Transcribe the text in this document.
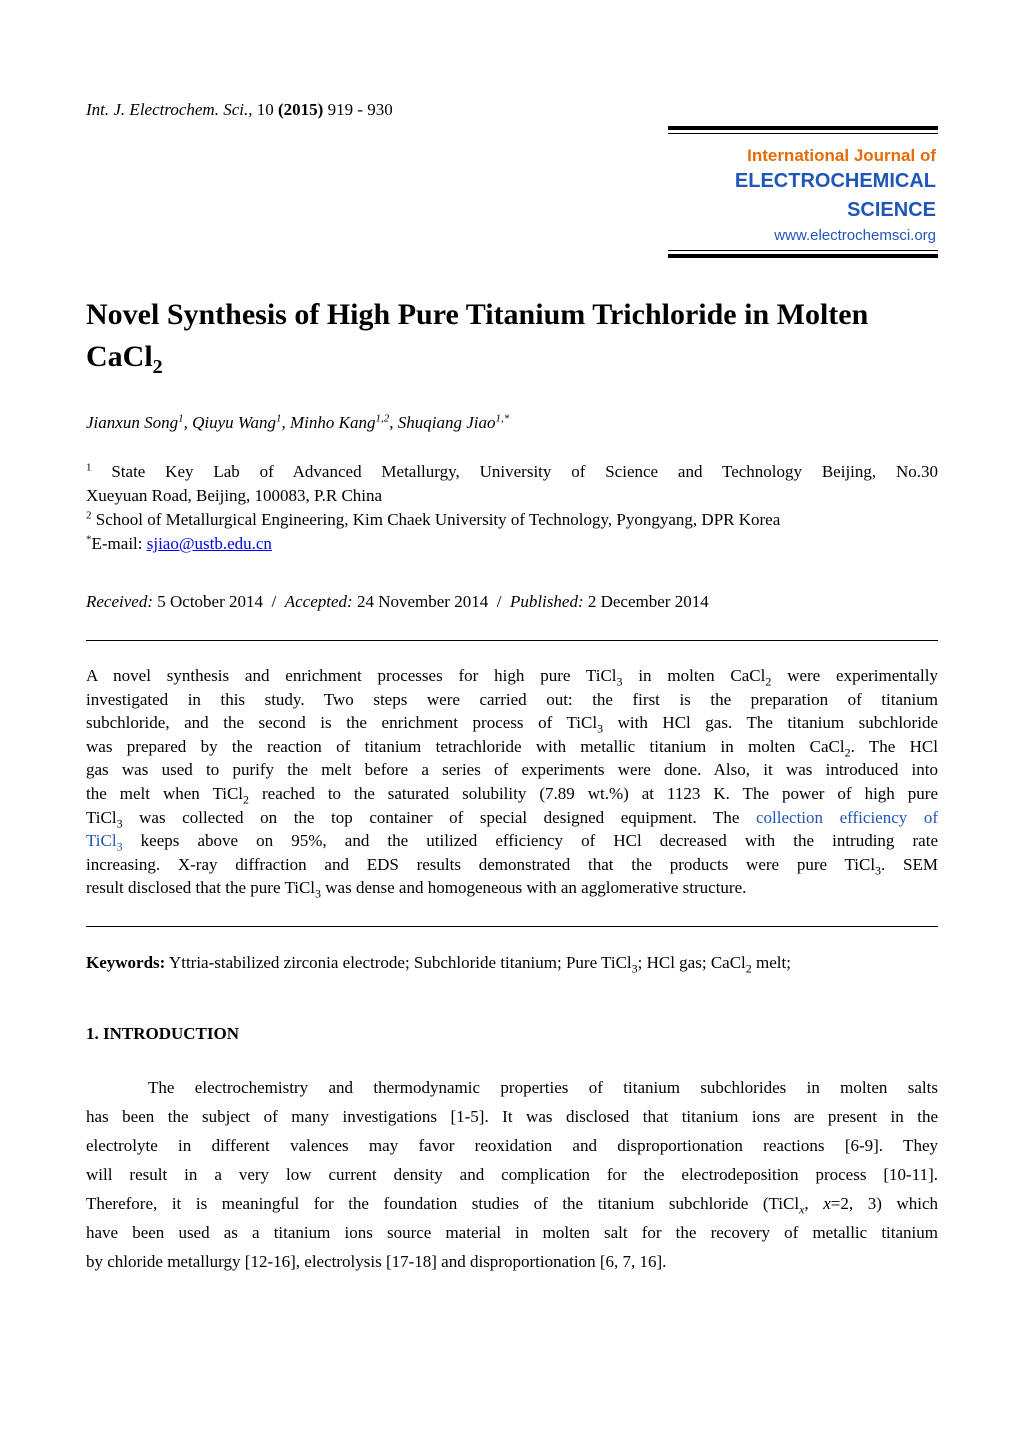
Int. J. Electrochem. Sci., 10 (2015) 919 - 930
International Journal of
ELECTROCHEMICAL
SCIENCE
www.electrochemsci.org
Novel Synthesis of High Pure Titanium Trichloride in Molten
CaCl$_2$
Jianxun Song$^1$, Qiuyu Wang$^1$, Minho Kang$^{1,2}$, Shuqiang Jiao$^{1,*}$
$^1$ State Key Lab of Advanced Metallurgy, University of Science and Technology Beijing, No.30
Xueyuan Road, Beijing, 100083, P.R China
$^2$ School of Metallurgical Engineering, Kim Chaek University of Technology, Pyongyang, DPR Korea
*E-mail: sjiao@ustb.edu.cn
Received: 5 October 2014 / Accepted: 24 November 2014 / Published: 2 December 2014
A novel synthesis and enrichment processes for high pure TiCl$_3$ in molten CaCl$_2$ were experimentally
investigated in this study. Two steps were carried out: the first is the preparation of titanium
subchloride, and the second is the enrichment process of TiCl$_3$ with HCl gas. The titanium subchloride
was prepared by the reaction of titanium tetrachloride with metallic titanium in molten CaCl$_2$. The HCl
gas was used to purify the melt before a series of experiments were done. Also, it was introduced into
the melt when TiCl$_2$ reached to the saturated solubility (7.89 wt.%) at 1123 K. The power of high pure
TiCl$_3$ was collected on the top container of special designed equipment. The collection efficiency of
TiCl$_3$ keeps above on 95%, and the utilized efficiency of HCl decreased with the intruding rate
increasing. X-ray diffraction and EDS results demonstrated that the products were pure TiCl$_3$. SEM
result disclosed that the pure TiCl$_3$ was dense and homogeneous with an agglomerative structure.
Keywords: Yttria-stabilized zirconia electrode; Subchloride titanium; Pure TiCl$_3$; HCl gas; CaCl$_2$ melt;
1. INTRODUCTION
The electrochemistry and thermodynamic properties of titanium subchlorides in molten salts
has been the subject of many investigations [1-5]. It was disclosed that titanium ions are present in the
electrolyte in different valences may favor reoxidation and disproportionation reactions [6-9]. They
will result in a very low current density and complication for the electrodeposition process [10-11].
Therefore, it is meaningful for the foundation studies of the titanium subchloride (TiCl$_x$, x=2, 3) which
have been used as a titanium ions source material in molten salt for the recovery of metallic titanium
by chloride metallurgy [12-16], electrolysis [17-18] and disproportionation [6, 7, 16].
